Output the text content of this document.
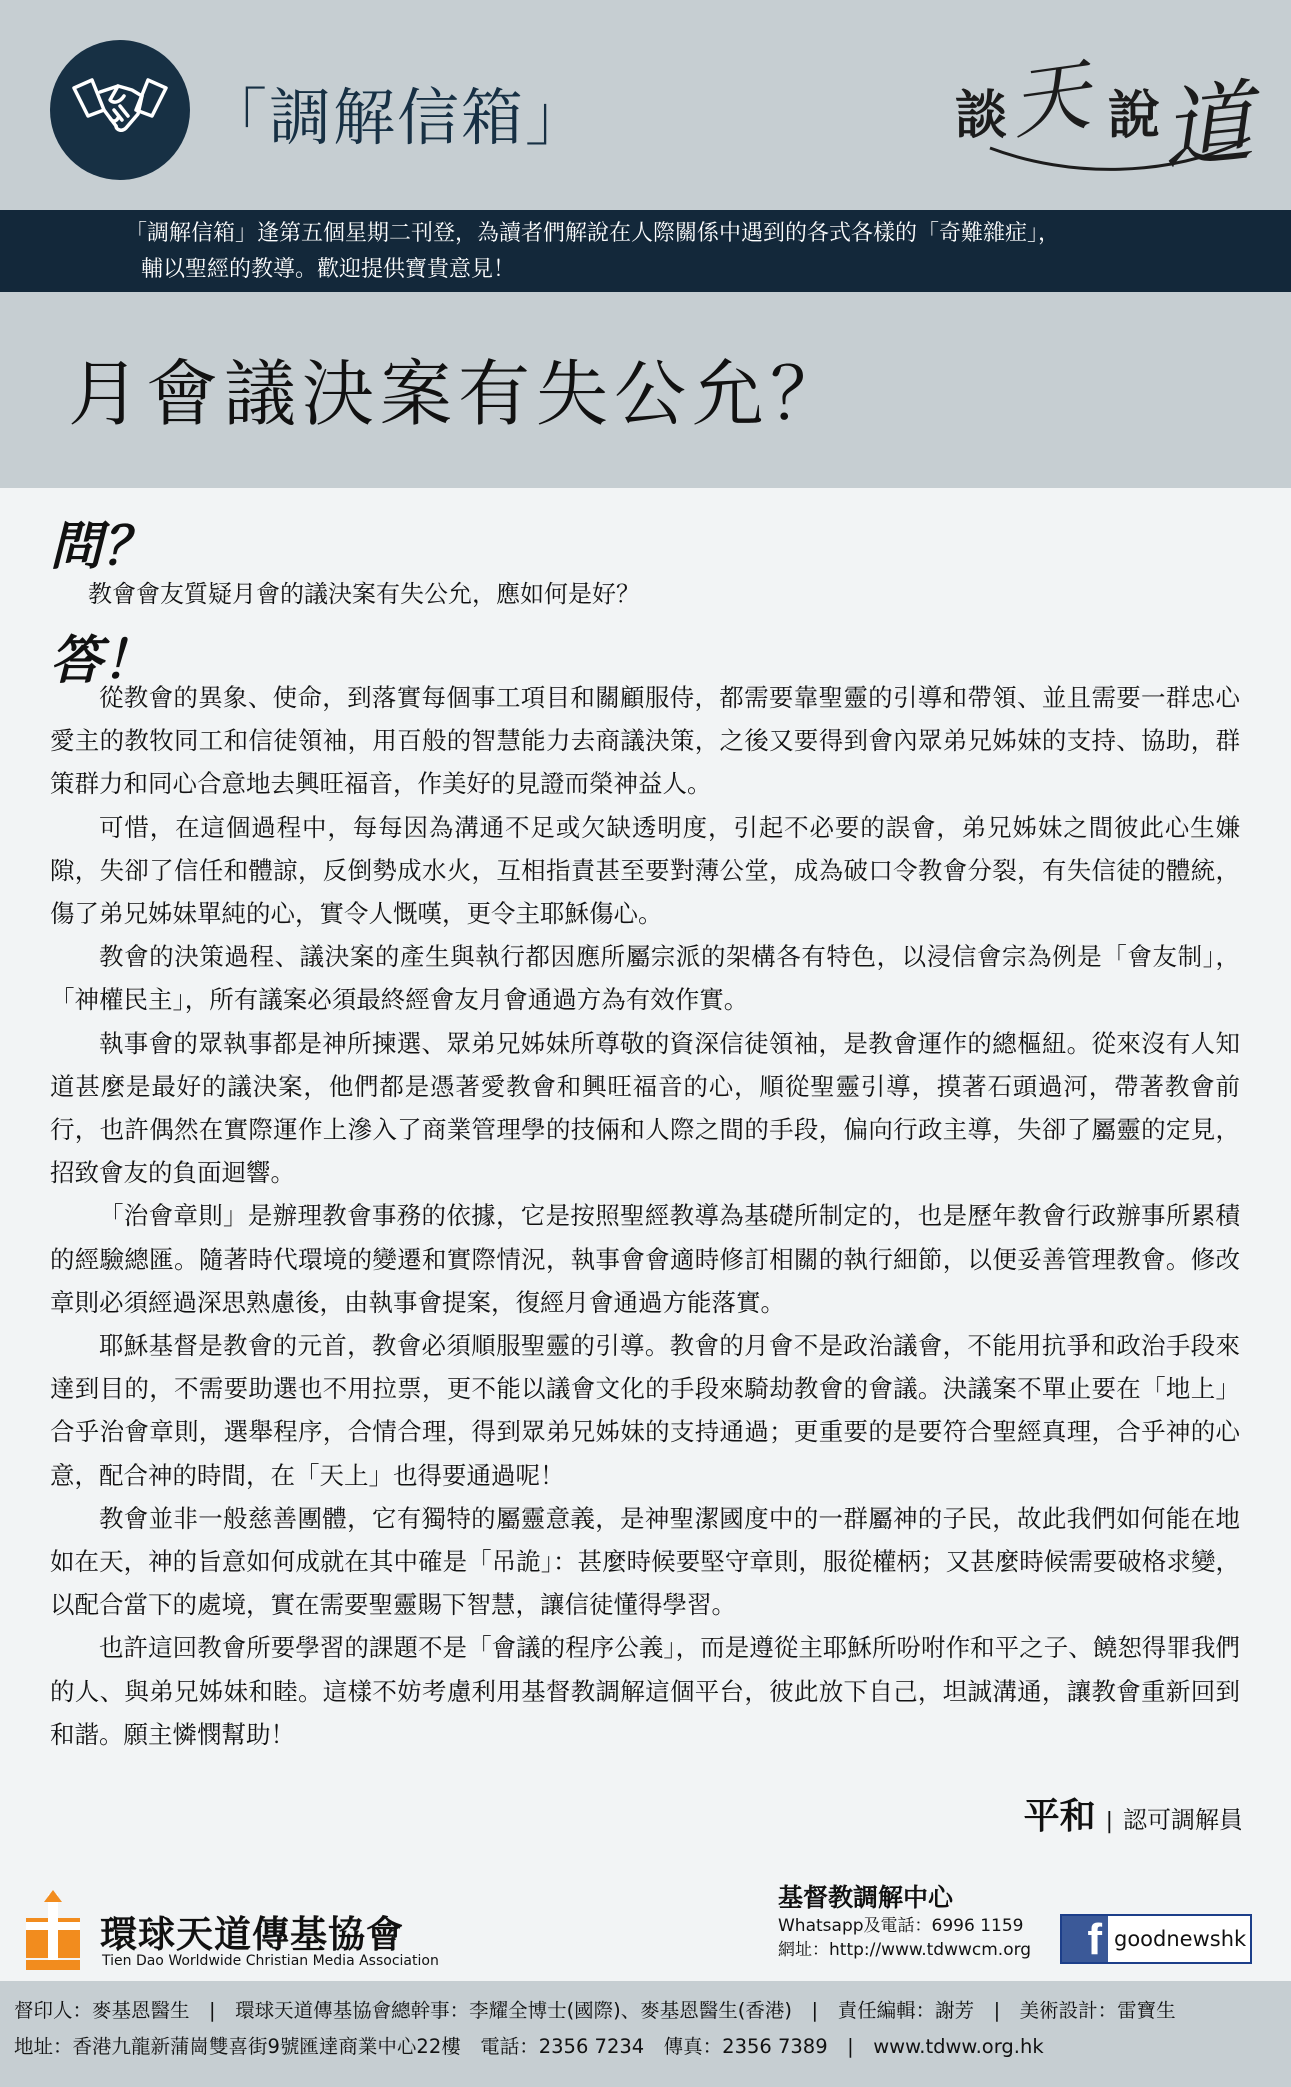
「調解信箱」	談
天 說
道
「調解信箱」逢第五個星期二刊登，為讀者們解說在人際關係中遇到的各式各樣的「奇難雜症」，
輔以聖經的教導。歡迎提供寶貴意見！
月會議決案有失公允？
問？
教會會友質疑月會的議決案有失公允，應如何是好？
答！

從教會的異象、使命，到落實每個事工項目和關顧服侍，都需要靠聖靈的引導和帶領、並且需要一群忠心愛主的教牧同工和信徒領袖，用百般的智慧能力去商議決策，之後又要得到會內眾弟兄姊妹的支持、協助，群策群力和同心合意地去興旺福音，作美好的見證而榮神益人。

可惜，在這個過程中，每每因為溝通不足或欠缺透明度，引起不必要的誤會，弟兄姊妹之間彼此心生嫌隙，失卻了信任和體諒，反倒勢成水火，互相指責甚至要對薄公堂，成為破口令教會分裂，有失信徒的體統，傷了弟兄姊妹單純的心，實令人慨嘆，更令主耶穌傷心。

教會的決策過程、議決案的產生與執行都因應所屬宗派的架構各有特色，以浸信會宗為例是「會友制」，「神權民主」，所有議案必須最終經會友月會通過方為有效作實。

執事會的眾執事都是神所揀選、眾弟兄姊妹所尊敬的資深信徒領袖，是教會運作的總樞紐。從來沒有人知道甚麼是最好的議決案，他們都是憑著愛教會和興旺福音的心，順從聖靈引導，摸著石頭過河，帶著教會前行，也許偶然在實際運作上滲入了商業管理學的技倆和人際之間的手段，偏向行政主導，失卻了屬靈的定見，招致會友的負面迴響。

「治會章則」是辦理教會事務的依據，它是按照聖經教導為基礎所制定的，也是歷年教會行政辦事所累積的經驗總匯。隨著時代環境的變遷和實際情況，執事會會適時修訂相關的執行細節，以便妥善管理教會。修改章則必須經過深思熟慮後，由執事會提案，復經月會通過方能落實。

耶穌基督是教會的元首，教會必須順服聖靈的引導。教會的月會不是政治議會，不能用抗爭和政治手段來達到目的，不需要助選也不用拉票，更不能以議會文化的手段來騎劫教會的會議。決議案不單止要在「地上」合乎治會章則，選舉程序，合情合理，得到眾弟兄姊妹的支持通過；更重要的是要符合聖經真理，合乎神的心意，配合神的時間，在「天上」也得要通過呢！

教會並非一般慈善團體，它有獨特的屬靈意義，是神聖潔國度中的一群屬神的子民，故此我們如何能在地如在天，神的旨意如何成就在其中確是「吊詭」：甚麼時候要堅守章則，服從權柄；又甚麼時候需要破格求變，以配合當下的處境，實在需要聖靈賜下智慧，讓信徒懂得學習。

也許這回教會所要學習的課題不是「會議的程序公義」，而是遵從主耶穌所吩咐作和平之子、饒恕得罪我們的人、與弟兄姊妹和睦。這樣不妨考慮利用基督教調解這個平台，彼此放下自己，坦誠溝通，讓教會重新回到和諧。願主憐憫幫助！

平和 | 認可調解員
環球天道傳基協會
Tien Dao Worldwide Christian Media Association
基督教調解中心
Whatsapp及電話：6996 1159
網址：http://www.tdwwcm.org	f goodnewshk
督印人：麥基恩醫生　|　環球天道傳基協會總幹事：李耀全博士(國際)、麥基恩醫生(香港)　|　責任編輯：謝芳　|　美術設計：雷寶生
地址：香港九龍新蒲崗雙喜街9號匯達商業中心22樓　電話：2356 7234　傳真：2356 7389　|　www.tdww.org.hk
